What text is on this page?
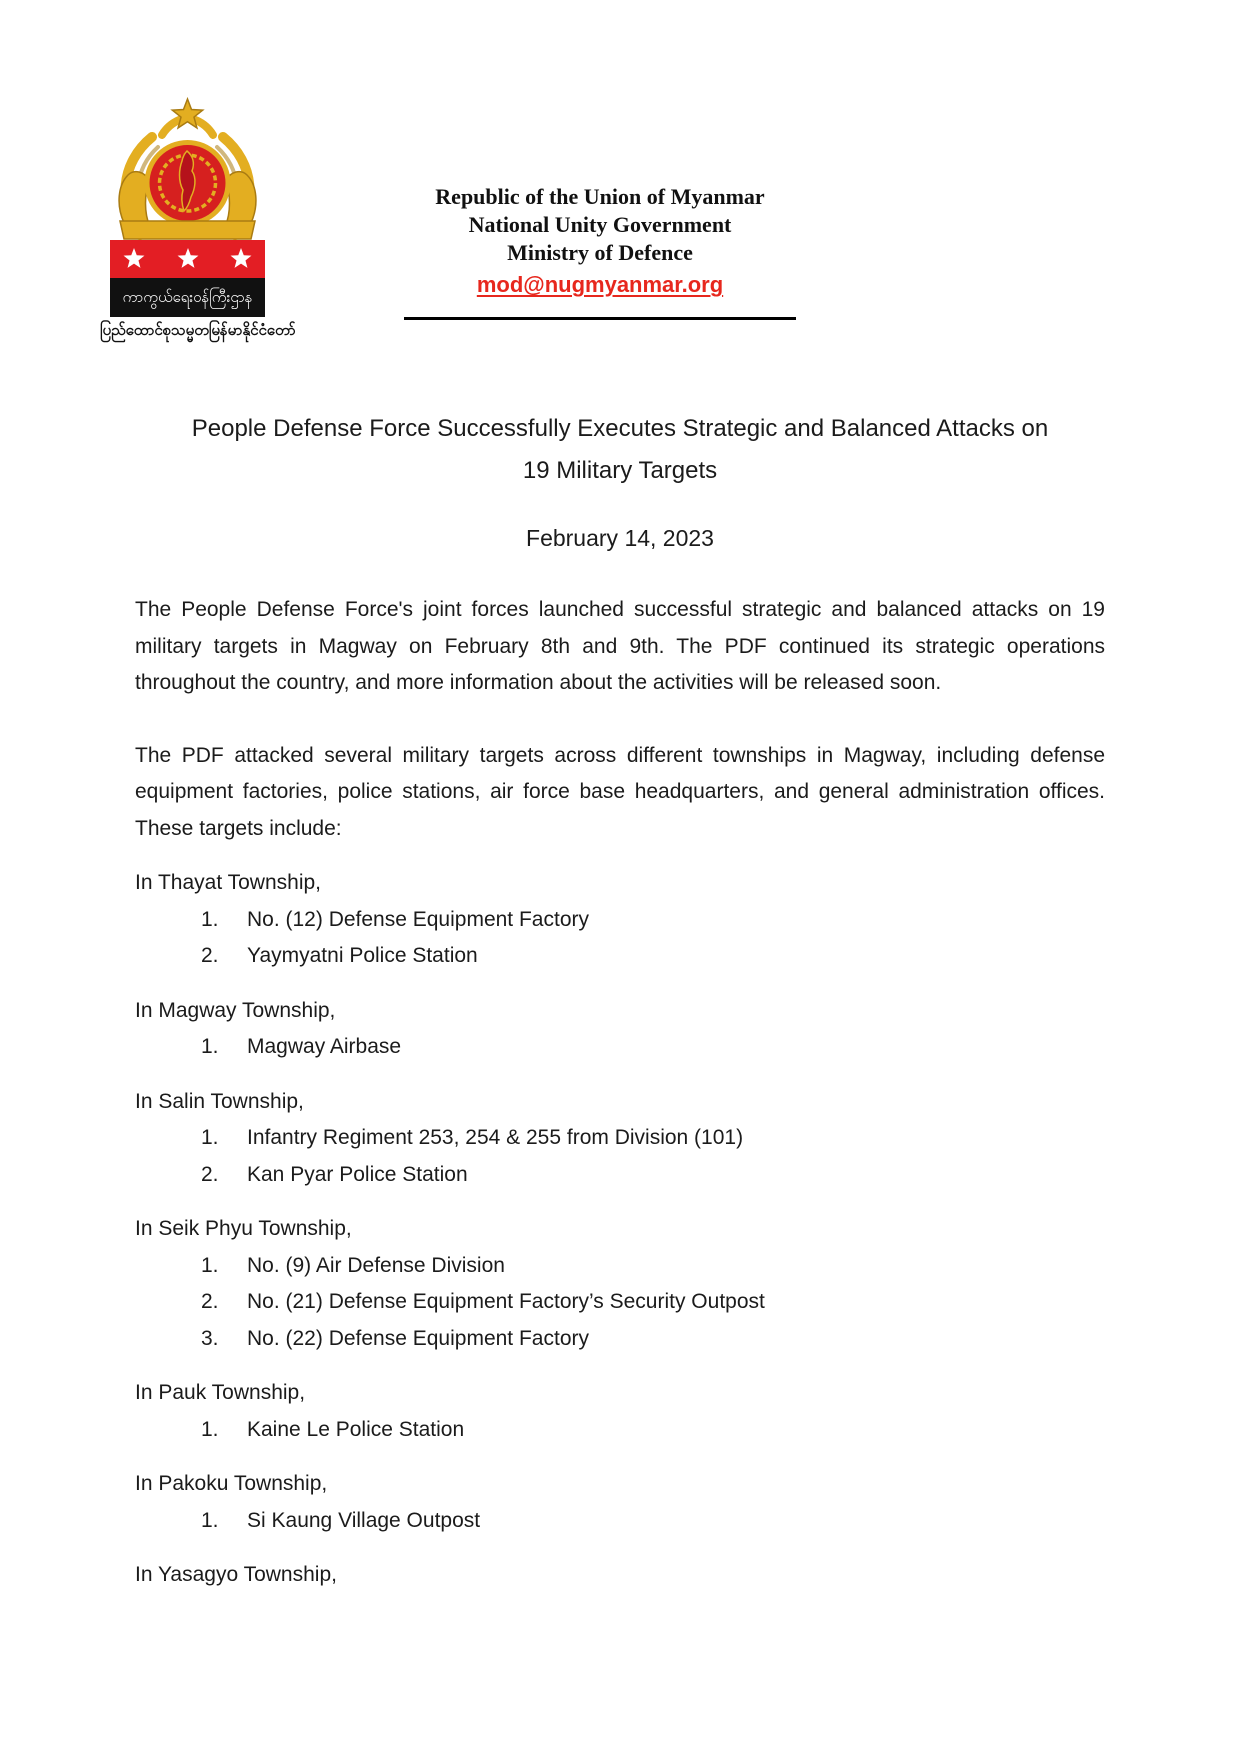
ကာကွယ်ရေးဝန်ကြီးဌာန
ပြည်ထောင်စုသမ္မတမြန်မာနိုင်ငံတော်
Republic of the Union of Myanmar
National Unity Government
Ministry of Defence
mod@nugmyanmar.org
People Defense Force Successfully Executes Strategic and Balanced Attacks on
19 Military Targets
February 14, 2023

The People Defense Force's joint forces launched successful strategic and balanced attacks on 19 military targets in Magway on February 8th and 9th. The PDF continued its strategic operations throughout the country, and more information about the activities will be released soon.

The PDF attacked several military targets across different townships in Magway, including defense equipment factories, police stations, air force base headquarters, and general administration offices. These targets include:

In Thayat Township,
1.	No. (12) Defense Equipment Factory
2.	Yaymyatni Police Station
In Magway Township,
1.	Magway Airbase
In Salin Township,
1.	Infantry Regiment 253, 254 & 255 from Division (101)
2.	Kan Pyar Police Station
In Seik Phyu Township,
1.	No. (9) Air Defense Division
2.	No. (21) Defense Equipment Factory’s Security Outpost
3.	No. (22) Defense Equipment Factory
In Pauk Township,
1.	Kaine Le Police Station
In Pakoku Township,
1.	Si Kaung Village Outpost
In Yasagyo Township,
